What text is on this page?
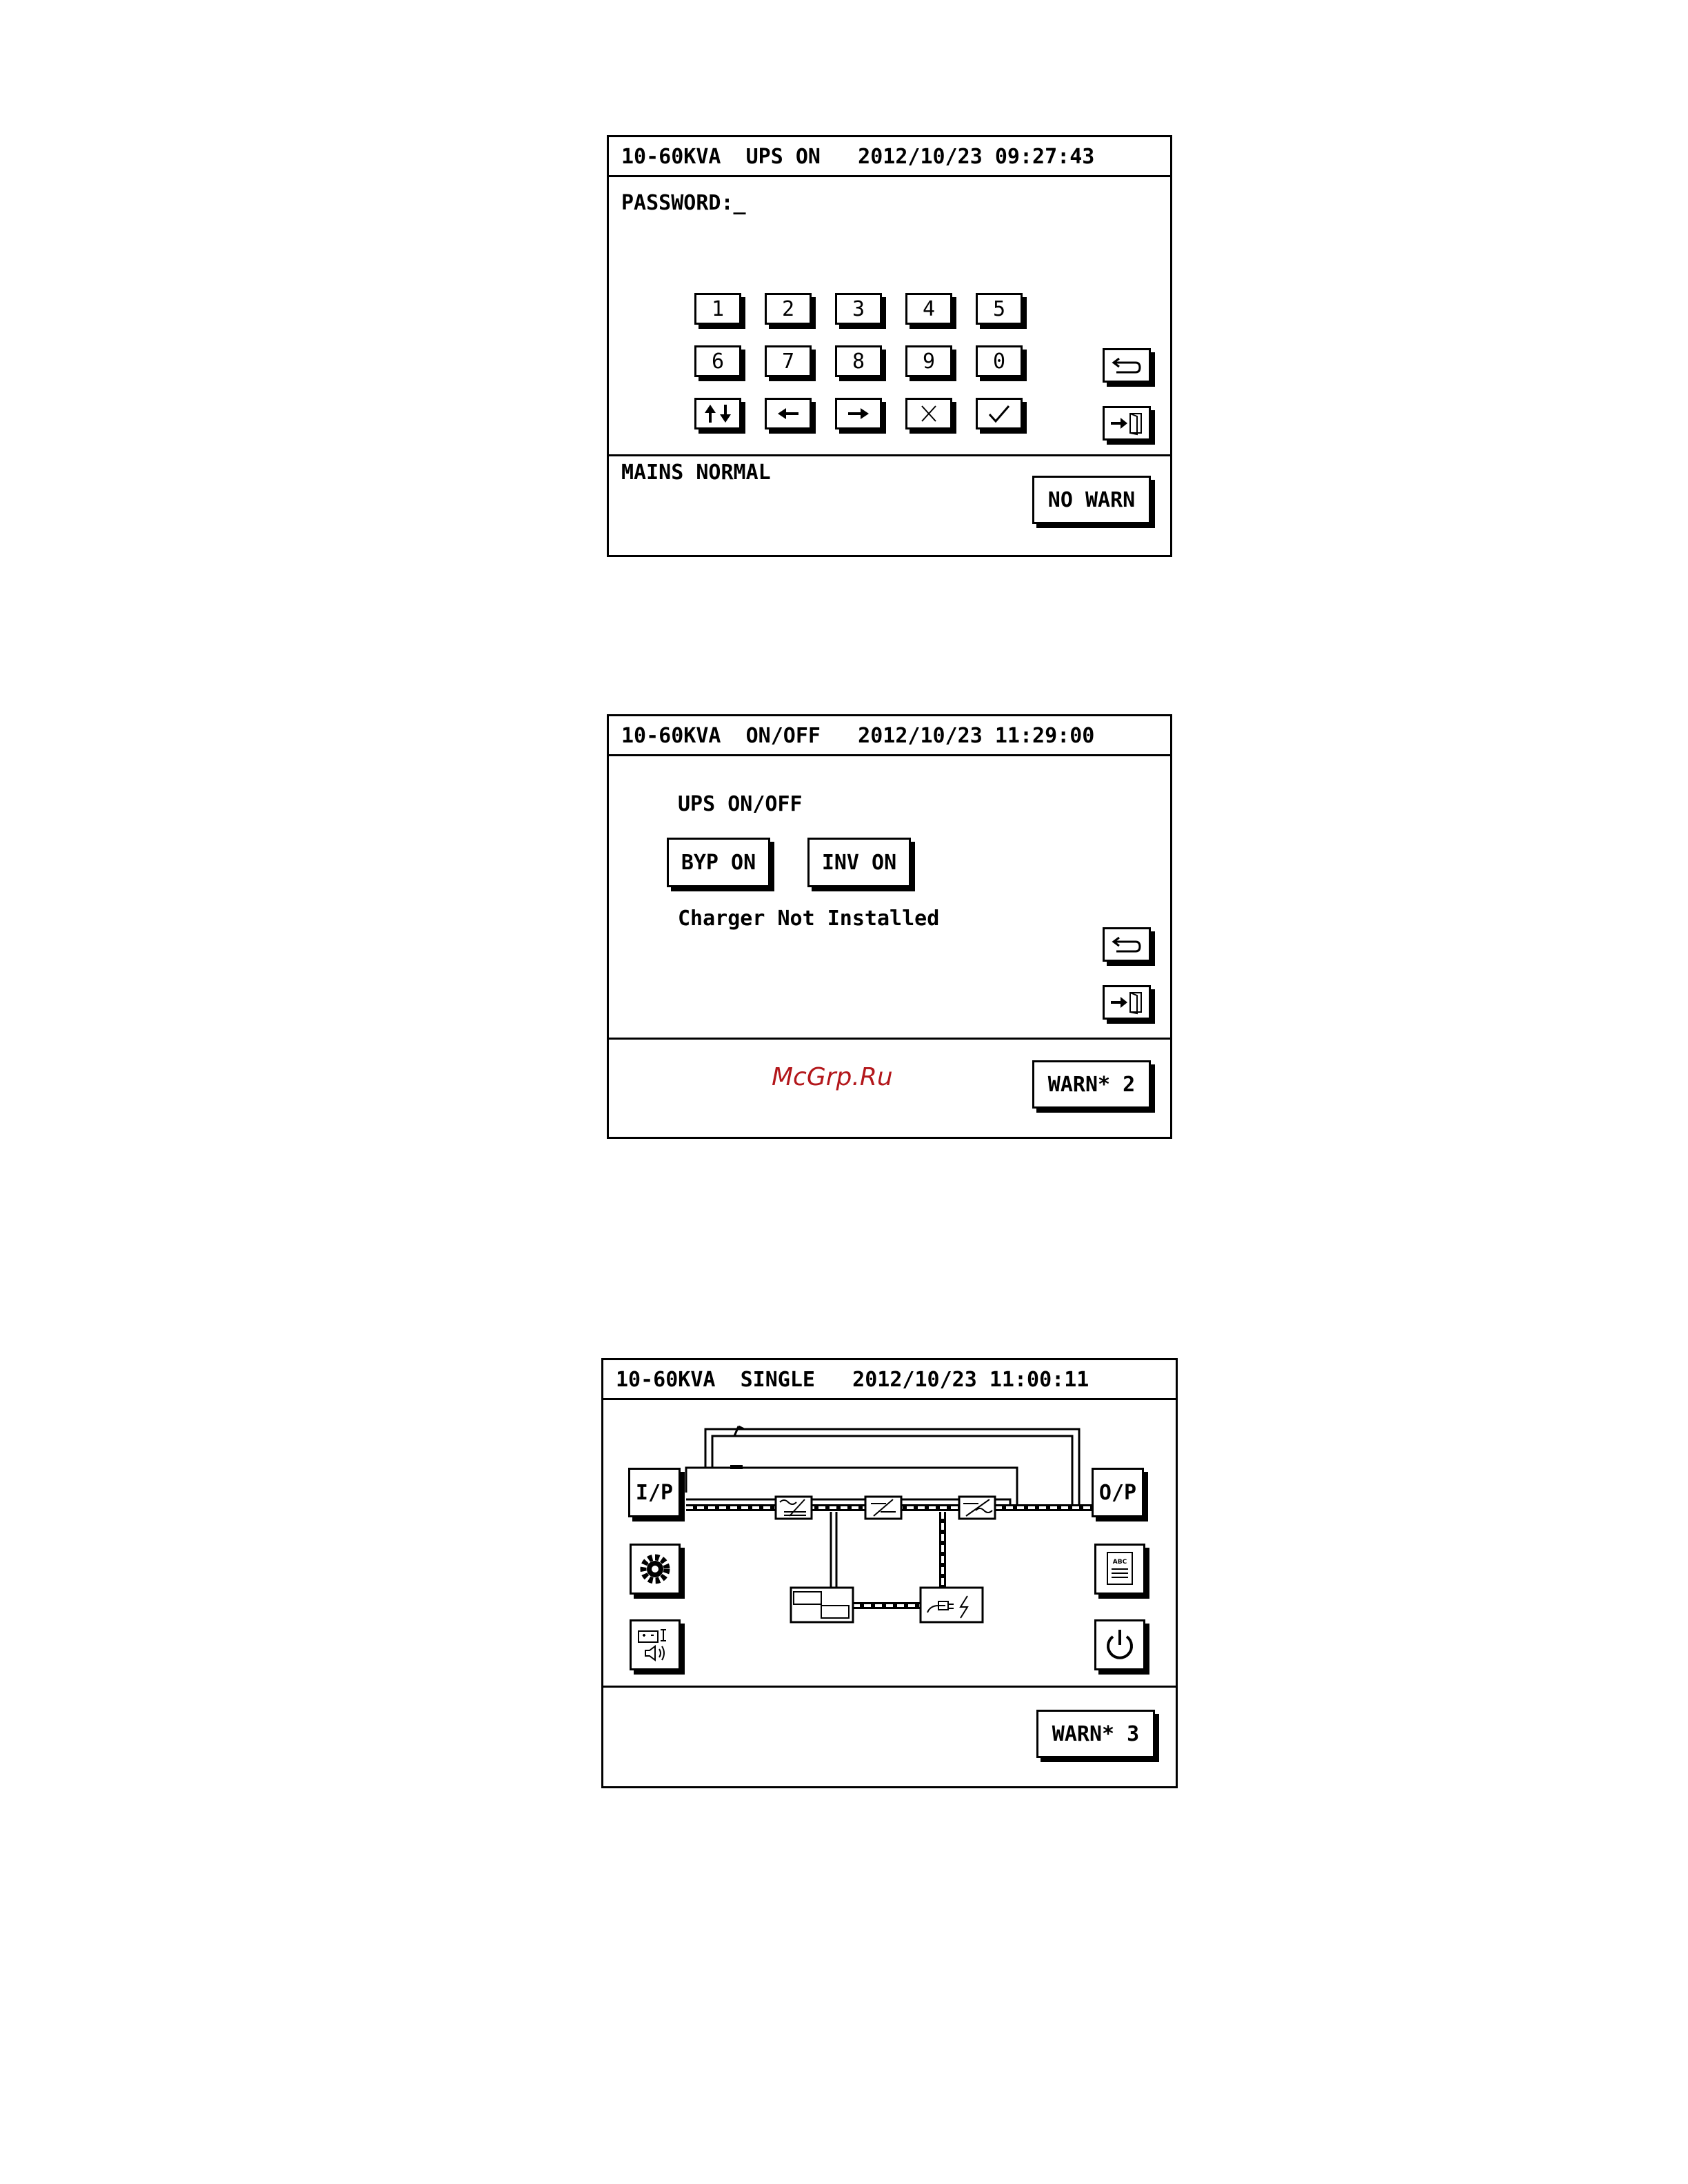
10-60KVA  UPS ON   2012/10/23 09:27:43
PASSWORD:_
1	2	3	4	5
6	7	8	9	0
MAINS NORMAL
NO WARN
10-60KVA  ON/OFF   2012/10/23 11:29:00
UPS ON/OFF
BYP ON	INV ON
Charger Not Installed
McGrp.Ru	WARN* 2
10-60KVA  SINGLE   2012/10/23 11:00:11
I/P	O/P
ABC
WARN* 3
